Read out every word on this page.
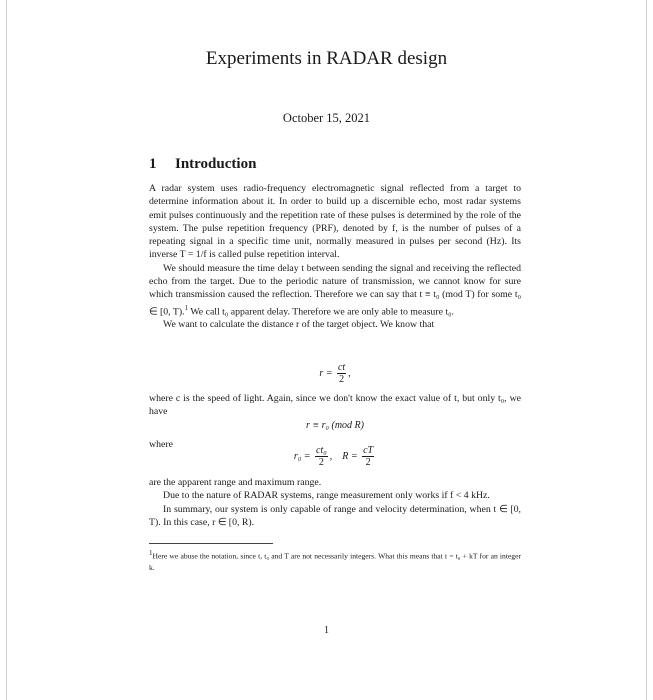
Experiments in RADAR design
October 15, 2021
1 Introduction

A radar system uses radio-frequency electromagnetic signal reflected from a target to determine information about it. In order to build up a discernible echo, most radar systems emit pulses continuously and the repetition rate of these pulses is determined by the role of the system. The pulse repetition frequency (PRF), denoted by f, is the number of pulses of a repeating signal in a specific time unit, normally measured in pulses per second (Hz). Its inverse T = 1/f is called pulse repetition interval.

We should measure the time delay t between sending the signal and receiving the reflected echo from the target. Due to the periodic nature of transmission, we cannot know for sure which transmission caused the reflection. Therefore we can say that t ≡ t₀ (mod T) for some t₀ ∈ [0, T).$^1$ We call t₀ apparent delay. Therefore we are only able to measure t₀.

We want to calculate the distance r of the target object. We know that

$r = \frac{ct}{2}$ ,

where c is the speed of light. Again, since we don't know the exact value of t, but only t₀, we have

r ≡ r₀ (mod R)

where

$r_0 = \frac{\text{ct₀}}{2}$ , $R = \frac{cT}{2}$

are the apparent range and maximum range.

Due to the nature of RADAR systems, range measurement only works if f < 4 kHz.

In summary, our system is only capable of range and velocity determination, when t ∈ [0, T). In this case, r ∈ [0, R).

$^1$Here we abuse the notation, since t, t₀ and T are not necessarily integers. What this means that t = t₀ + kT for an integer k.
1
